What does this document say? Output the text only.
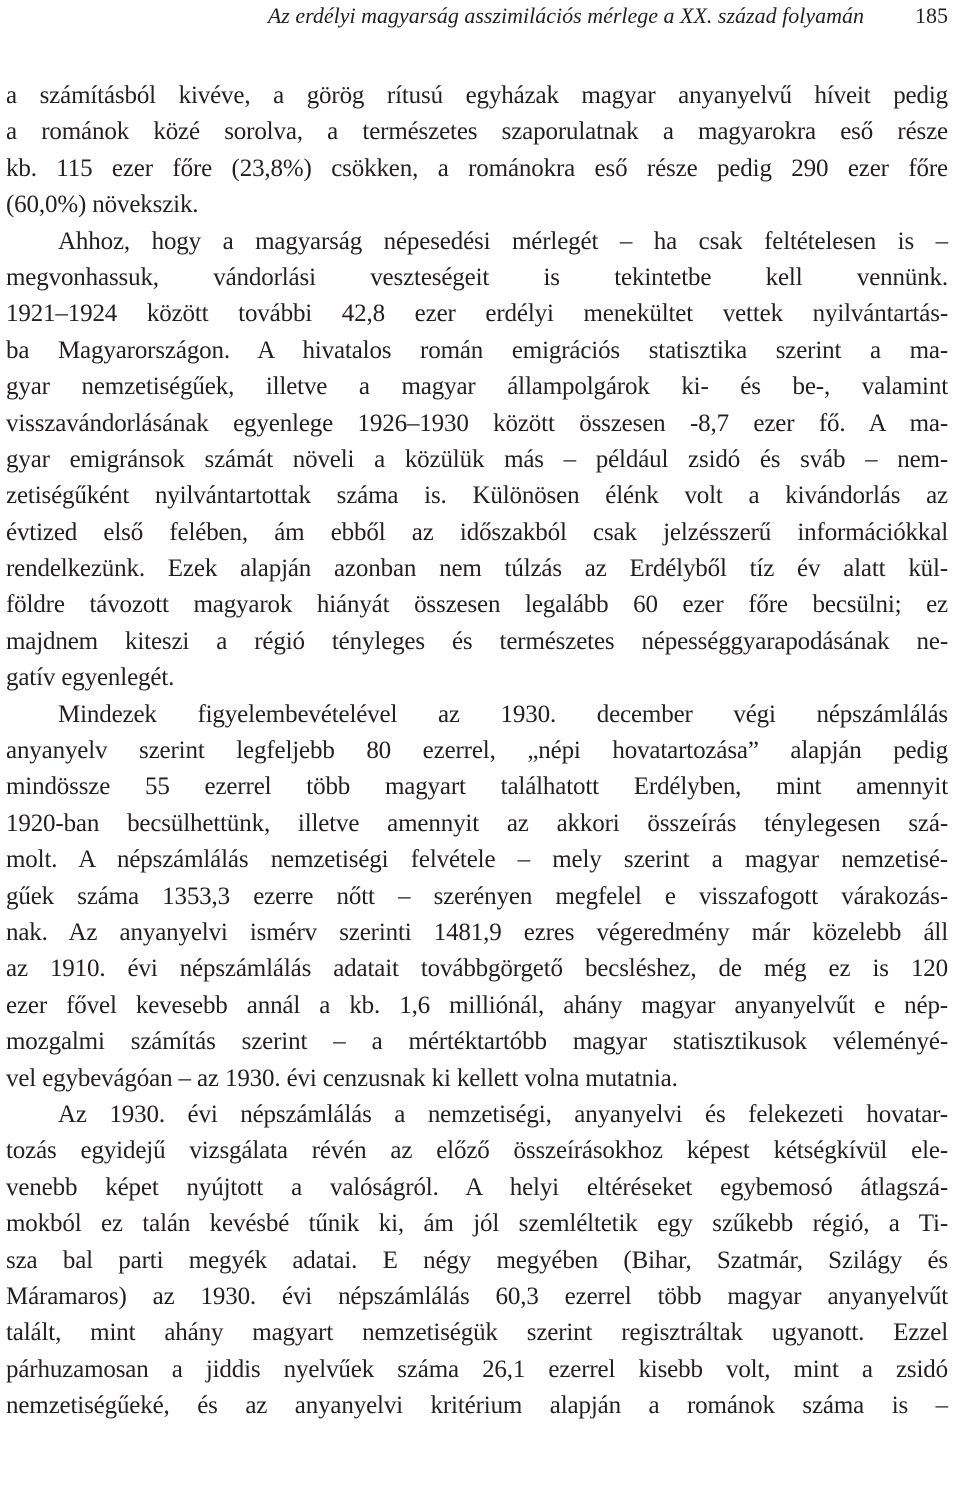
Az erdélyi magyarság asszimilációs mérlege a XX. század folyamán 185
a számításból kivéve, a görög rítusú egyházak magyar anyanyelvű híveit pedig
a románok közé sorolva, a természetes szaporulatnak a magyarokra eső része
kb. 115 ezer főre (23,8%) csökken, a románokra eső része pedig 290 ezer főre
(60,0%) növekszik.
Ahhoz, hogy a magyarság népesedési mérlegét – ha csak feltételesen is –
megvonhassuk, vándorlási veszteségeit is tekintetbe kell vennünk.
1921–1924 között további 42,8 ezer erdélyi menekültet vettek nyilvántartás-
ba Magyarországon. A hivatalos román emigrációs statisztika szerint a ma-
gyar nemzetiségűek, illetve a magyar állampolgárok ki- és be-, valamint
visszavándorlásának egyenlege 1926–1930 között összesen -8,7 ezer fő. A ma-
gyar emigránsok számát növeli a közülük más – például zsidó és sváb – nem-
zetiségűként nyilvántartottak száma is. Különösen élénk volt a kivándorlás az
évtized első felében, ám ebből az időszakból csak jelzésszerű információkkal
rendelkezünk. Ezek alapján azonban nem túlzás az Erdélyből tíz év alatt kül-
földre távozott magyarok hiányát összesen legalább 60 ezer főre becsülni; ez
majdnem kiteszi a régió tényleges és természetes népességgyarapodásának ne-
gatív egyenlegét.
Mindezek figyelembevételével az 1930. december végi népszámlálás
anyanyelv szerint legfeljebb 80 ezerrel, „népi hovatartozása” alapján pedig
mindössze 55 ezerrel több magyart találhatott Erdélyben, mint amennyit
1920-ban becsülhettünk, illetve amennyit az akkori összeírás ténylegesen szá-
molt. A népszámlálás nemzetiségi felvétele – mely szerint a magyar nemzetisé-
gűek száma 1353,3 ezerre nőtt – szerényen megfelel e visszafogott várakozás-
nak. Az anyanyelvi ismérv szerinti 1481,9 ezres végeredmény már közelebb áll
az 1910. évi népszámlálás adatait továbbgörgető becsléshez, de még ez is 120
ezer fővel kevesebb annál a kb. 1,6 milliónál, ahány magyar anyanyelvűt e nép-
mozgalmi számítás szerint – a mértéktartóbb magyar statisztikusok véleményé-
vel egybevágóan – az 1930. évi cenzusnak ki kellett volna mutatnia.
Az 1930. évi népszámlálás a nemzetiségi, anyanyelvi és felekezeti hovatar-
tozás egyidejű vizsgálata révén az előző összeírásokhoz képest kétségkívül ele-
venebb képet nyújtott a valóságról. A helyi eltéréseket egybemosó átlagszá-
mokból ez talán kevésbé tűnik ki, ám jól szemléltetik egy szűkebb régió, a Ti-
sza bal parti megyék adatai. E négy megyében (Bihar, Szatmár, Szilágy és
Máramaros) az 1930. évi népszámlálás 60,3 ezerrel több magyar anyanyelvűt
talált, mint ahány magyart nemzetiségük szerint regisztráltak ugyanott. Ezzel
párhuzamosan a jiddis nyelvűek száma 26,1 ezerrel kisebb volt, mint a zsidó
nemzetiségűeké, és az anyanyelvi kritérium alapján a románok száma is –
